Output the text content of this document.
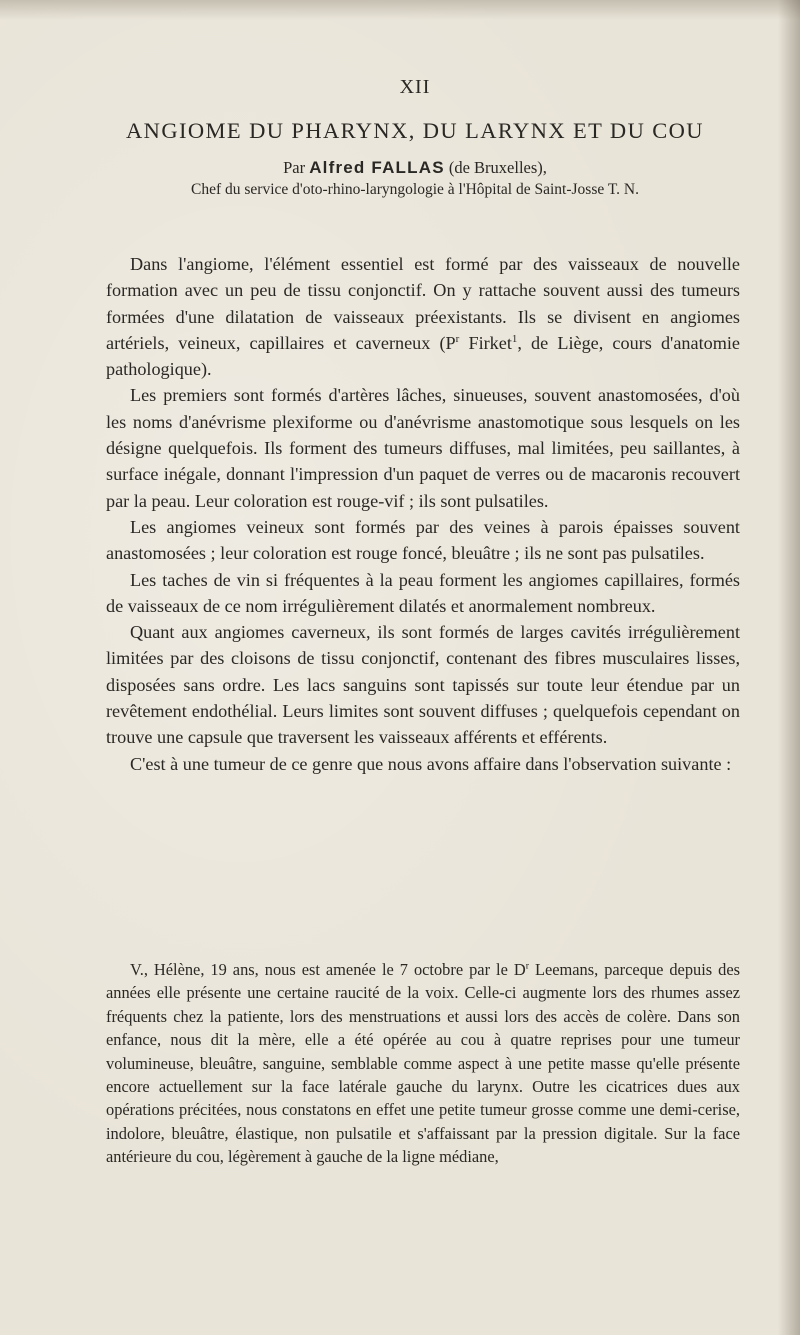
XII
ANGIOME DU PHARYNX, DU LARYNX ET DU COU
Par Alfred FALLAS (de Bruxelles),
Chef du service d'oto-rhino-laryngologie à l'Hôpital de Saint-Josse T. N.

Dans l'angiome, l'élément essentiel est formé par des vaisseaux de nouvelle formation avec un peu de tissu conjonctif. On y rattache souvent aussi des tumeurs formées d'une dilatation de vaisseaux préexistants. Ils se divisent en angiomes artériels, veineux, capillaires et caverneux ($P^r$ Firket$^1$, de Liège, cours d'anatomie pathologique).

Les premiers sont formés d'artères lâches, sinueuses, souvent anastomosées, d'où les noms d'anévrisme plexiforme ou d'anévrisme anastomotique sous lesquels on les désigne quelquefois. Ils forment des tumeurs diffuses, mal limitées, peu saillantes, à surface inégale, donnant l'impression d'un paquet de verres ou de macaronis recouvert par la peau. Leur coloration est rouge-vif ; ils sont pulsatiles.

Les angiomes veineux sont formés par des veines à parois épaisses souvent anastomosées ; leur coloration est rouge foncé, bleuâtre ; ils ne sont pas pulsatiles.

Les taches de vin si fréquentes à la peau forment les angiomes capillaires, formés de vaisseaux de ce nom irrégulièrement dilatés et anormalement nombreux.

Quant aux angiomes caverneux, ils sont formés de larges cavités irrégulièrement limitées par des cloisons de tissu conjonctif, contenant des fibres musculaires lisses, disposées sans ordre. Les lacs sanguins sont tapissés sur toute leur étendue par un revêtement endothélial. Leurs limites sont souvent diffuses ; quelquefois cependant on trouve une capsule que traversent les vaisseaux afférents et efférents.

C'est à une tumeur de ce genre que nous avons affaire dans l'observation suivante :

V., Hélène, 19 ans, nous est amenée le 7 octobre par le $D^r$ Leemans, parceque depuis des années elle présente une certaine raucité de la voix. Celle-ci augmente lors des rhumes assez fréquents chez la patiente, lors des menstruations et aussi lors des accès de colère. Dans son enfance, nous dit la mère, elle a été opérée au cou à quatre reprises pour une tumeur volumineuse, bleuâtre, sanguine, semblable comme aspect à une petite masse qu'elle présente encore actuellement sur la face latérale gauche du larynx. Outre les cicatrices dues aux opérations précitées, nous constatons en effet une petite tumeur grosse comme une demi-cerise, indolore, bleuâtre, élastique, non pulsatile et s'affaissant par la pression digitale. Sur la face antérieure du cou, légèrement à gauche de la ligne médiane,
